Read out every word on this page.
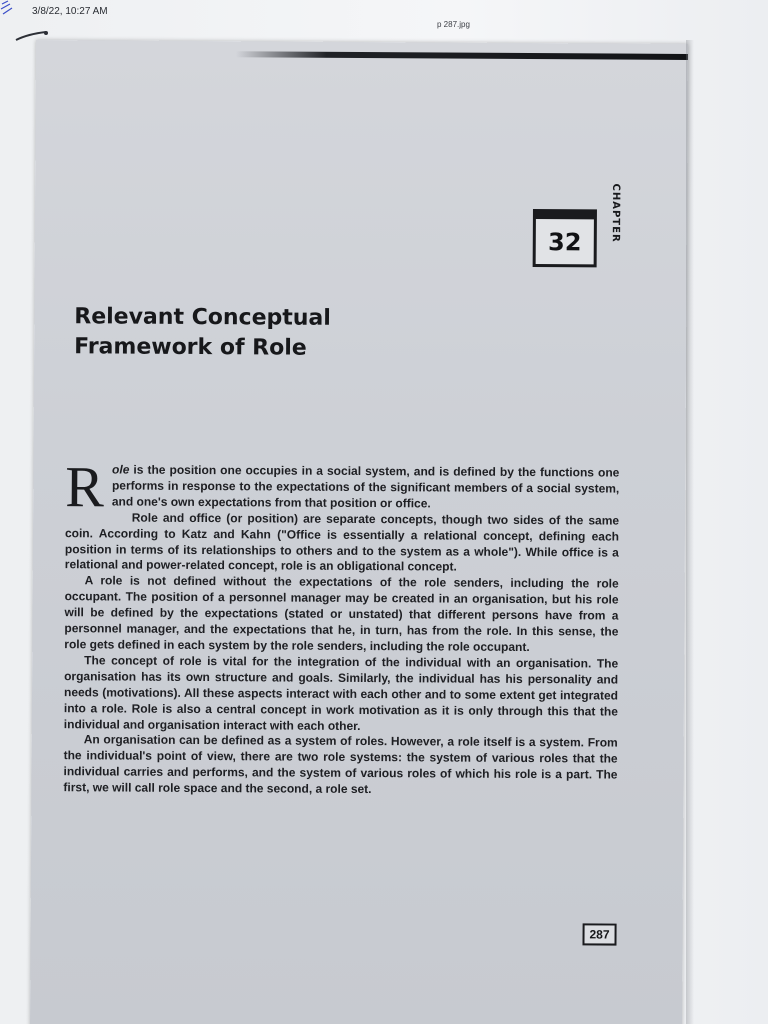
3/8/22, 10:27 AM
p 287.jpg
32	CHAPTER
Relevant Conceptual
Framework of Role

Role is the position one occupies in a social system, and is defined by the functions one performs in response to the expectations of the significant members of a social system, and one's own expectations from that position or office.

Role and office (or position) are separate concepts, though two sides of the same coin. According to Katz and Kahn ("Office is essentially a relational concept, defining each position in terms of its relationships to others and to the system as a whole"). While office is a relational and power-related concept, role is an obligational concept.

A role is not defined without the expectations of the role senders, including the role occupant. The position of a personnel manager may be created in an organisation, but his role will be defined by the expectations (stated or unstated) that different persons have from a personnel manager, and the expectations that he, in turn, has from the role. In this sense, the role gets defined in each system by the role senders, including the role occupant.

The concept of role is vital for the integration of the individual with an organisation. The organisation has its own structure and goals. Similarly, the individual has his personality and needs (motivations). All these aspects interact with each other and to some extent get integrated into a role. Role is also a central concept in work motivation as it is only through this that the individual and organisation interact with each other.

An organisation can be defined as a system of roles. However, a role itself is a system. From the individual's point of view, there are two role systems: the system of various roles that the individual carries and performs, and the system of various roles of which his role is a part. The first, we will call role space and the second, a role set.

287
